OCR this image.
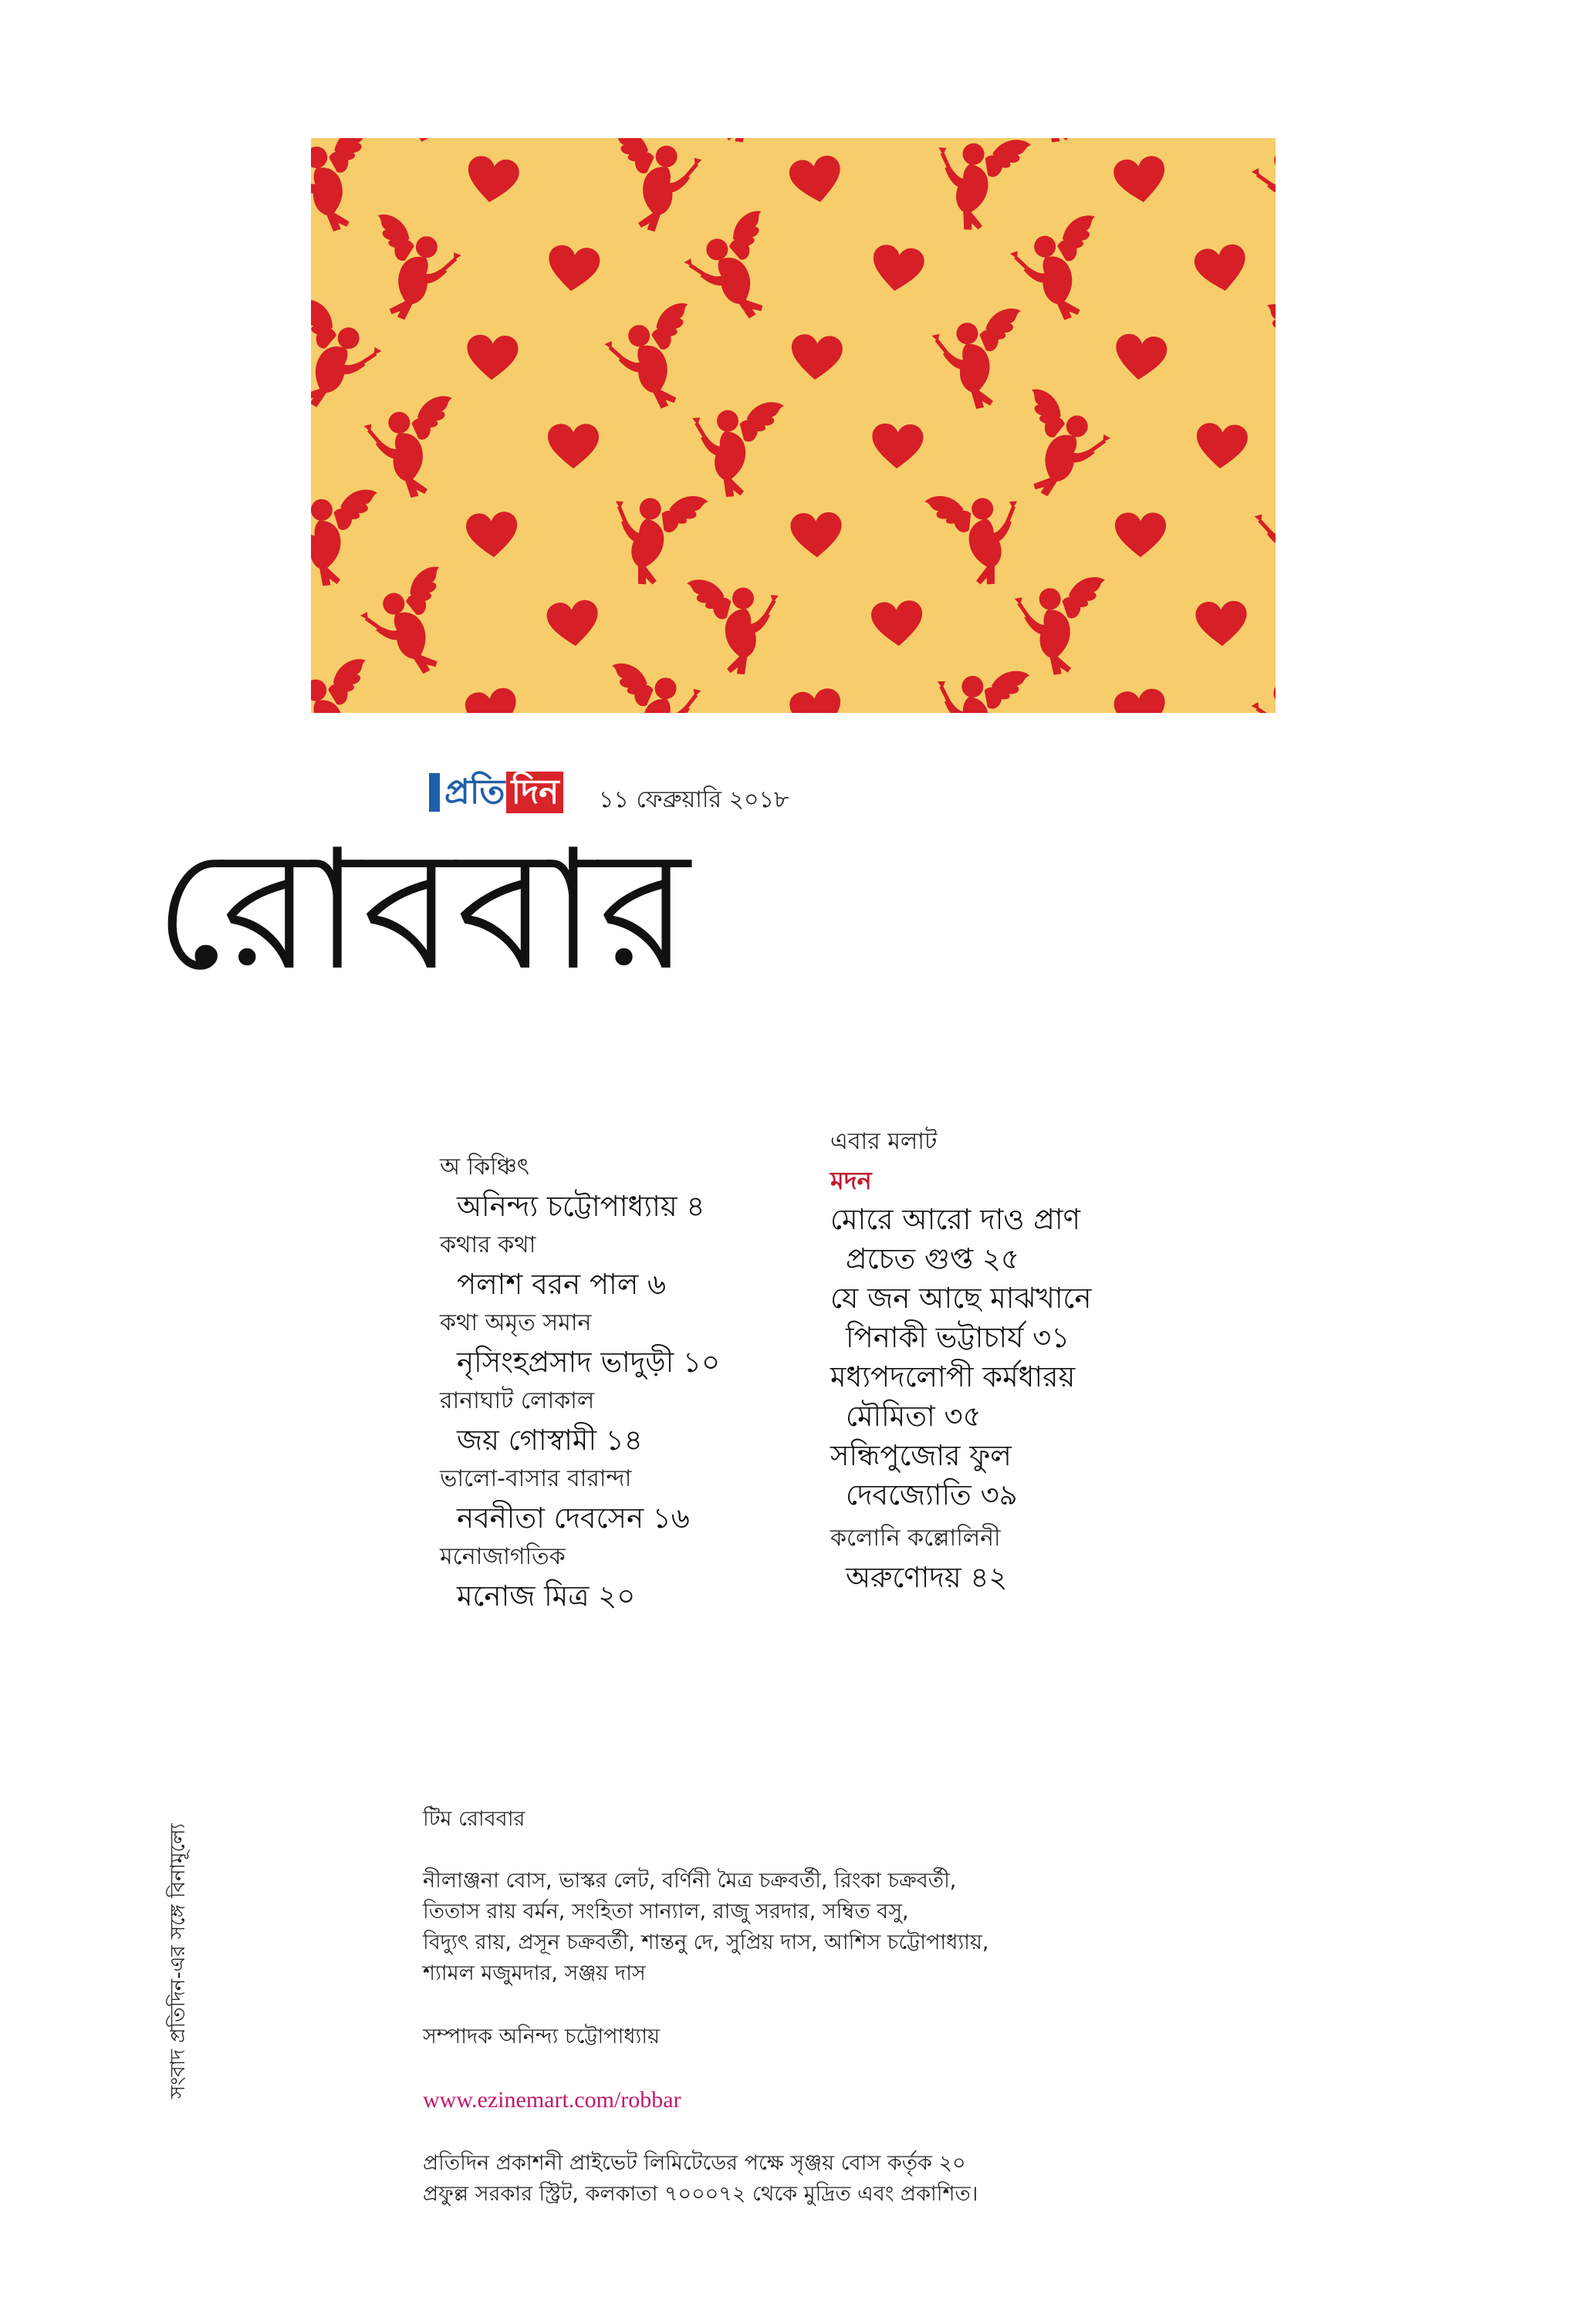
প্রতি দিন ১১ ফেব্রুয়ারি ২০১৮
রোববার
অ কিঞ্চিৎ
অনিন্দ্য চট্টোপাধ্যায় ৪
কথার কথা
পলাশ বরন পাল ৬
কথা অমৃত সমান
নৃসিংহপ্রসাদ ভাদুড়ী ১০
রানাঘাট লোকাল
জয় গোস্বামী ১৪
ভালো-বাসার বারান্দা
নবনীতা দেবসেন ১৬
মনোজাগতিক
মনোজ মিত্র ২০
এবার মলাট
মদন
মোরে আরো দাও প্রাণ
প্রচেত গুপ্ত ২৫
যে জন আছে মাঝখানে
পিনাকী ভট্টাচার্য ৩১
মধ্যপদলোপী কর্মধারয়
মৌমিতা ৩৫
সন্ধিপুজোর ফুল
দেবজ্যোতি ৩৯
কলোনি কল্লোলিনী
অরুণোদয় ৪২

টিম রোববার

নীলাঞ্জনা বোস, ভাস্কর লেট, বর্ণিনী মৈত্র চক্রবর্তী, রিংকা চক্রবর্তী,

তিতাস রায় বর্মন, সংহিতা সান্যাল, রাজু সরদার, সম্বিত বসু,

বিদ্যুৎ রায়, প্রসূন চক্রবর্তী, শান্তনু দে, সুপ্রিয় দাস, আশিস চট্টোপাধ্যায়,

শ্যামল মজুমদার, সঞ্জয় দাস

সম্পাদক অনিন্দ্য চট্টোপাধ্যায়

www.ezinemart.com/robbar

প্রতিদিন প্রকাশনী প্রাইভেট লিমিটেডের পক্ষে সৃঞ্জয় বোস কর্তৃক ২০

প্রফুল্ল সরকার স্ট্রিট, কলকাতা ৭০০০৭২ থেকে মুদ্রিত এবং প্রকাশিত।

সংবাদ প্রতিদিন-এর সঙ্গে বিনামূল্যে
